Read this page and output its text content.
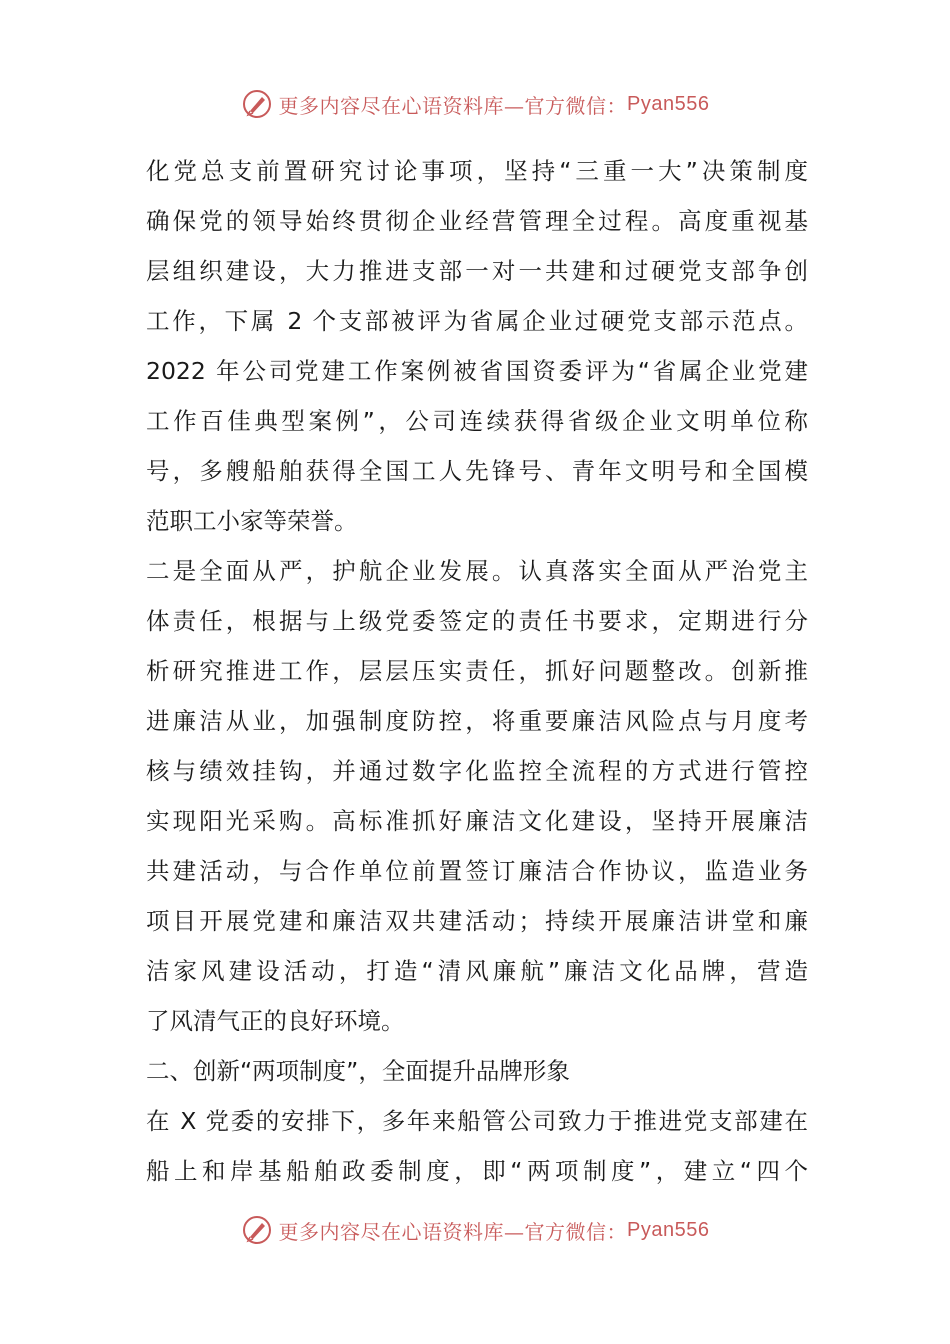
更多内容尽在心语资料库—官方微信： Pyan556
化党总支前置研究讨论事项，坚持“三重一大”决策制度
确保党的领导始终贯彻企业经营管理全过程。高度重视基
层组织建设，大力推进支部一对一共建和过硬党支部争创
工作，下属 2 个支部被评为省属企业过硬党支部示范点。
2022 年公司党建工作案例被省国资委评为“省属企业党建
工作百佳典型案例”，公司连续获得省级企业文明单位称
号，多艘船舶获得全国工人先锋号、青年文明号和全国模
范职工小家等荣誉。
二是全面从严，护航企业发展。认真落实全面从严治党主
体责任，根据与上级党委签定的责任书要求，定期进行分
析研究推进工作，层层压实责任，抓好问题整改。创新推
进廉洁从业，加强制度防控，将重要廉洁风险点与月度考
核与绩效挂钩，并通过数字化监控全流程的方式进行管控
实现阳光采购。高标准抓好廉洁文化建设，坚持开展廉洁
共建活动，与合作单位前置签订廉洁合作协议，监造业务
项目开展党建和廉洁双共建活动；持续开展廉洁讲堂和廉
洁家风建设活动，打造“清风廉航”廉洁文化品牌，营造
了风清气正的良好环境。
二、创新“两项制度”，全面提升品牌形象
在 X 党委的安排下，多年来船管公司致力于推进党支部建在
船上和岸基船舶政委制度，即“两项制度”，建立“四个
更多内容尽在心语资料库—官方微信： Pyan556
